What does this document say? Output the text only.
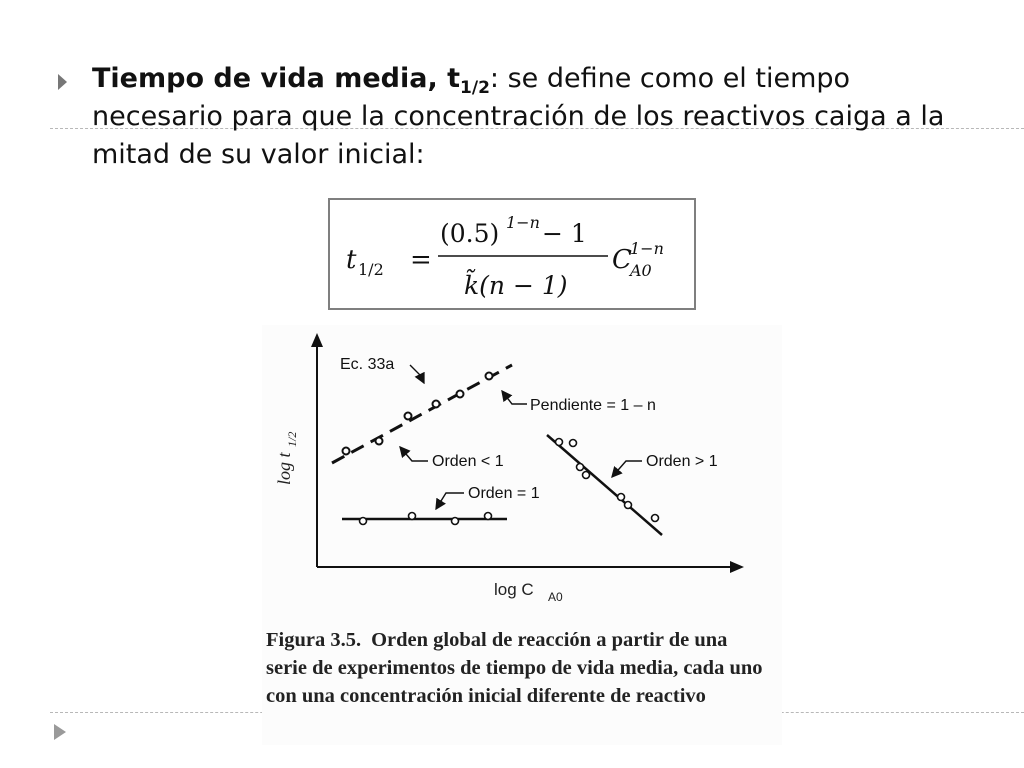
Tiempo de vida media, $t_{1/2}$: se define como el tiempo
necesario para que la concentración de los reactivos caiga a la
mitad de su valor inicial:
t 1/2 =
(0.5) 1−n − 1
k̃(n − 1)
C
A0
1−n
log t
1/2
log C A0
Ec. 33a
Pendiente = 1 – n
Orden < 1	Orden > 1
Orden = 1
Figura 3.5. Orden global de reacción a partir de una serie de experimentos de tiempo de vida media, cada uno con una concentración inicial diferente de reactivo
